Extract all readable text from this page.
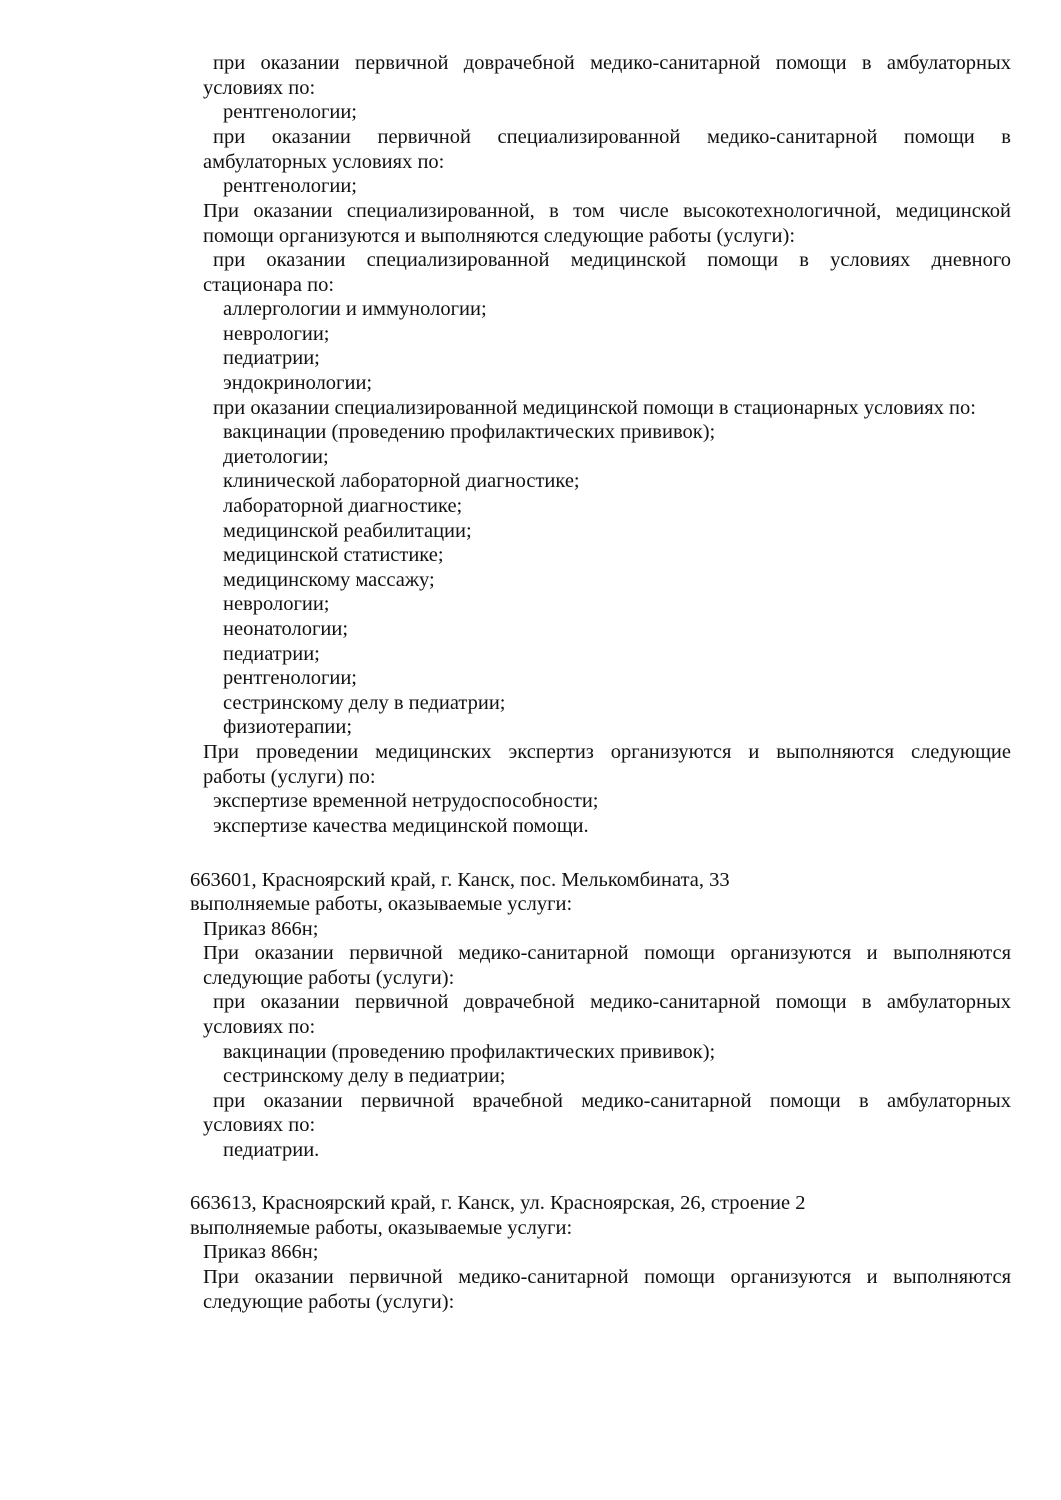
при оказании первичной доврачебной медико-санитарной помощи в амбулаторных
условиях по:
рентгенологии;
при оказании первичной специализированной медико-санитарной помощи в
амбулаторных условиях по:
рентгенологии;
При оказании специализированной, в том числе высокотехнологичной, медицинской
помощи организуются и выполняются следующие работы (услуги):
при оказании специализированной медицинской помощи в условиях дневного
стационара по:
аллергологии и иммунологии;
неврологии;
педиатрии;
эндокринологии;
при оказании специализированной медицинской помощи в стационарных условиях по:
вакцинации (проведению профилактических прививок);
диетологии;
клинической лабораторной диагностике;
лабораторной диагностике;
медицинской реабилитации;
медицинской статистике;
медицинскому массажу;
неврологии;
неонатологии;
педиатрии;
рентгенологии;
сестринскому делу в педиатрии;
физиотерапии;
При проведении медицинских экспертиз организуются и выполняются следующие
работы (услуги) по:
экспертизе временной нетрудоспособности;
экспертизе качества медицинской помощи.
663601, Красноярский край, г. Канск, пос. Мелькомбината, 33
выполняемые работы, оказываемые услуги:
Приказ 866н;
При оказании первичной медико-санитарной помощи организуются и выполняются
следующие работы (услуги):
при оказании первичной доврачебной медико-санитарной помощи в амбулаторных
условиях по:
вакцинации (проведению профилактических прививок);
сестринскому делу в педиатрии;
при оказании первичной врачебной медико-санитарной помощи в амбулаторных
условиях по:
педиатрии.
663613, Красноярский край, г. Канск, ул. Красноярская, 26, строение 2
выполняемые работы, оказываемые услуги:
Приказ 866н;
При оказании первичной медико-санитарной помощи организуются и выполняются
следующие работы (услуги):
